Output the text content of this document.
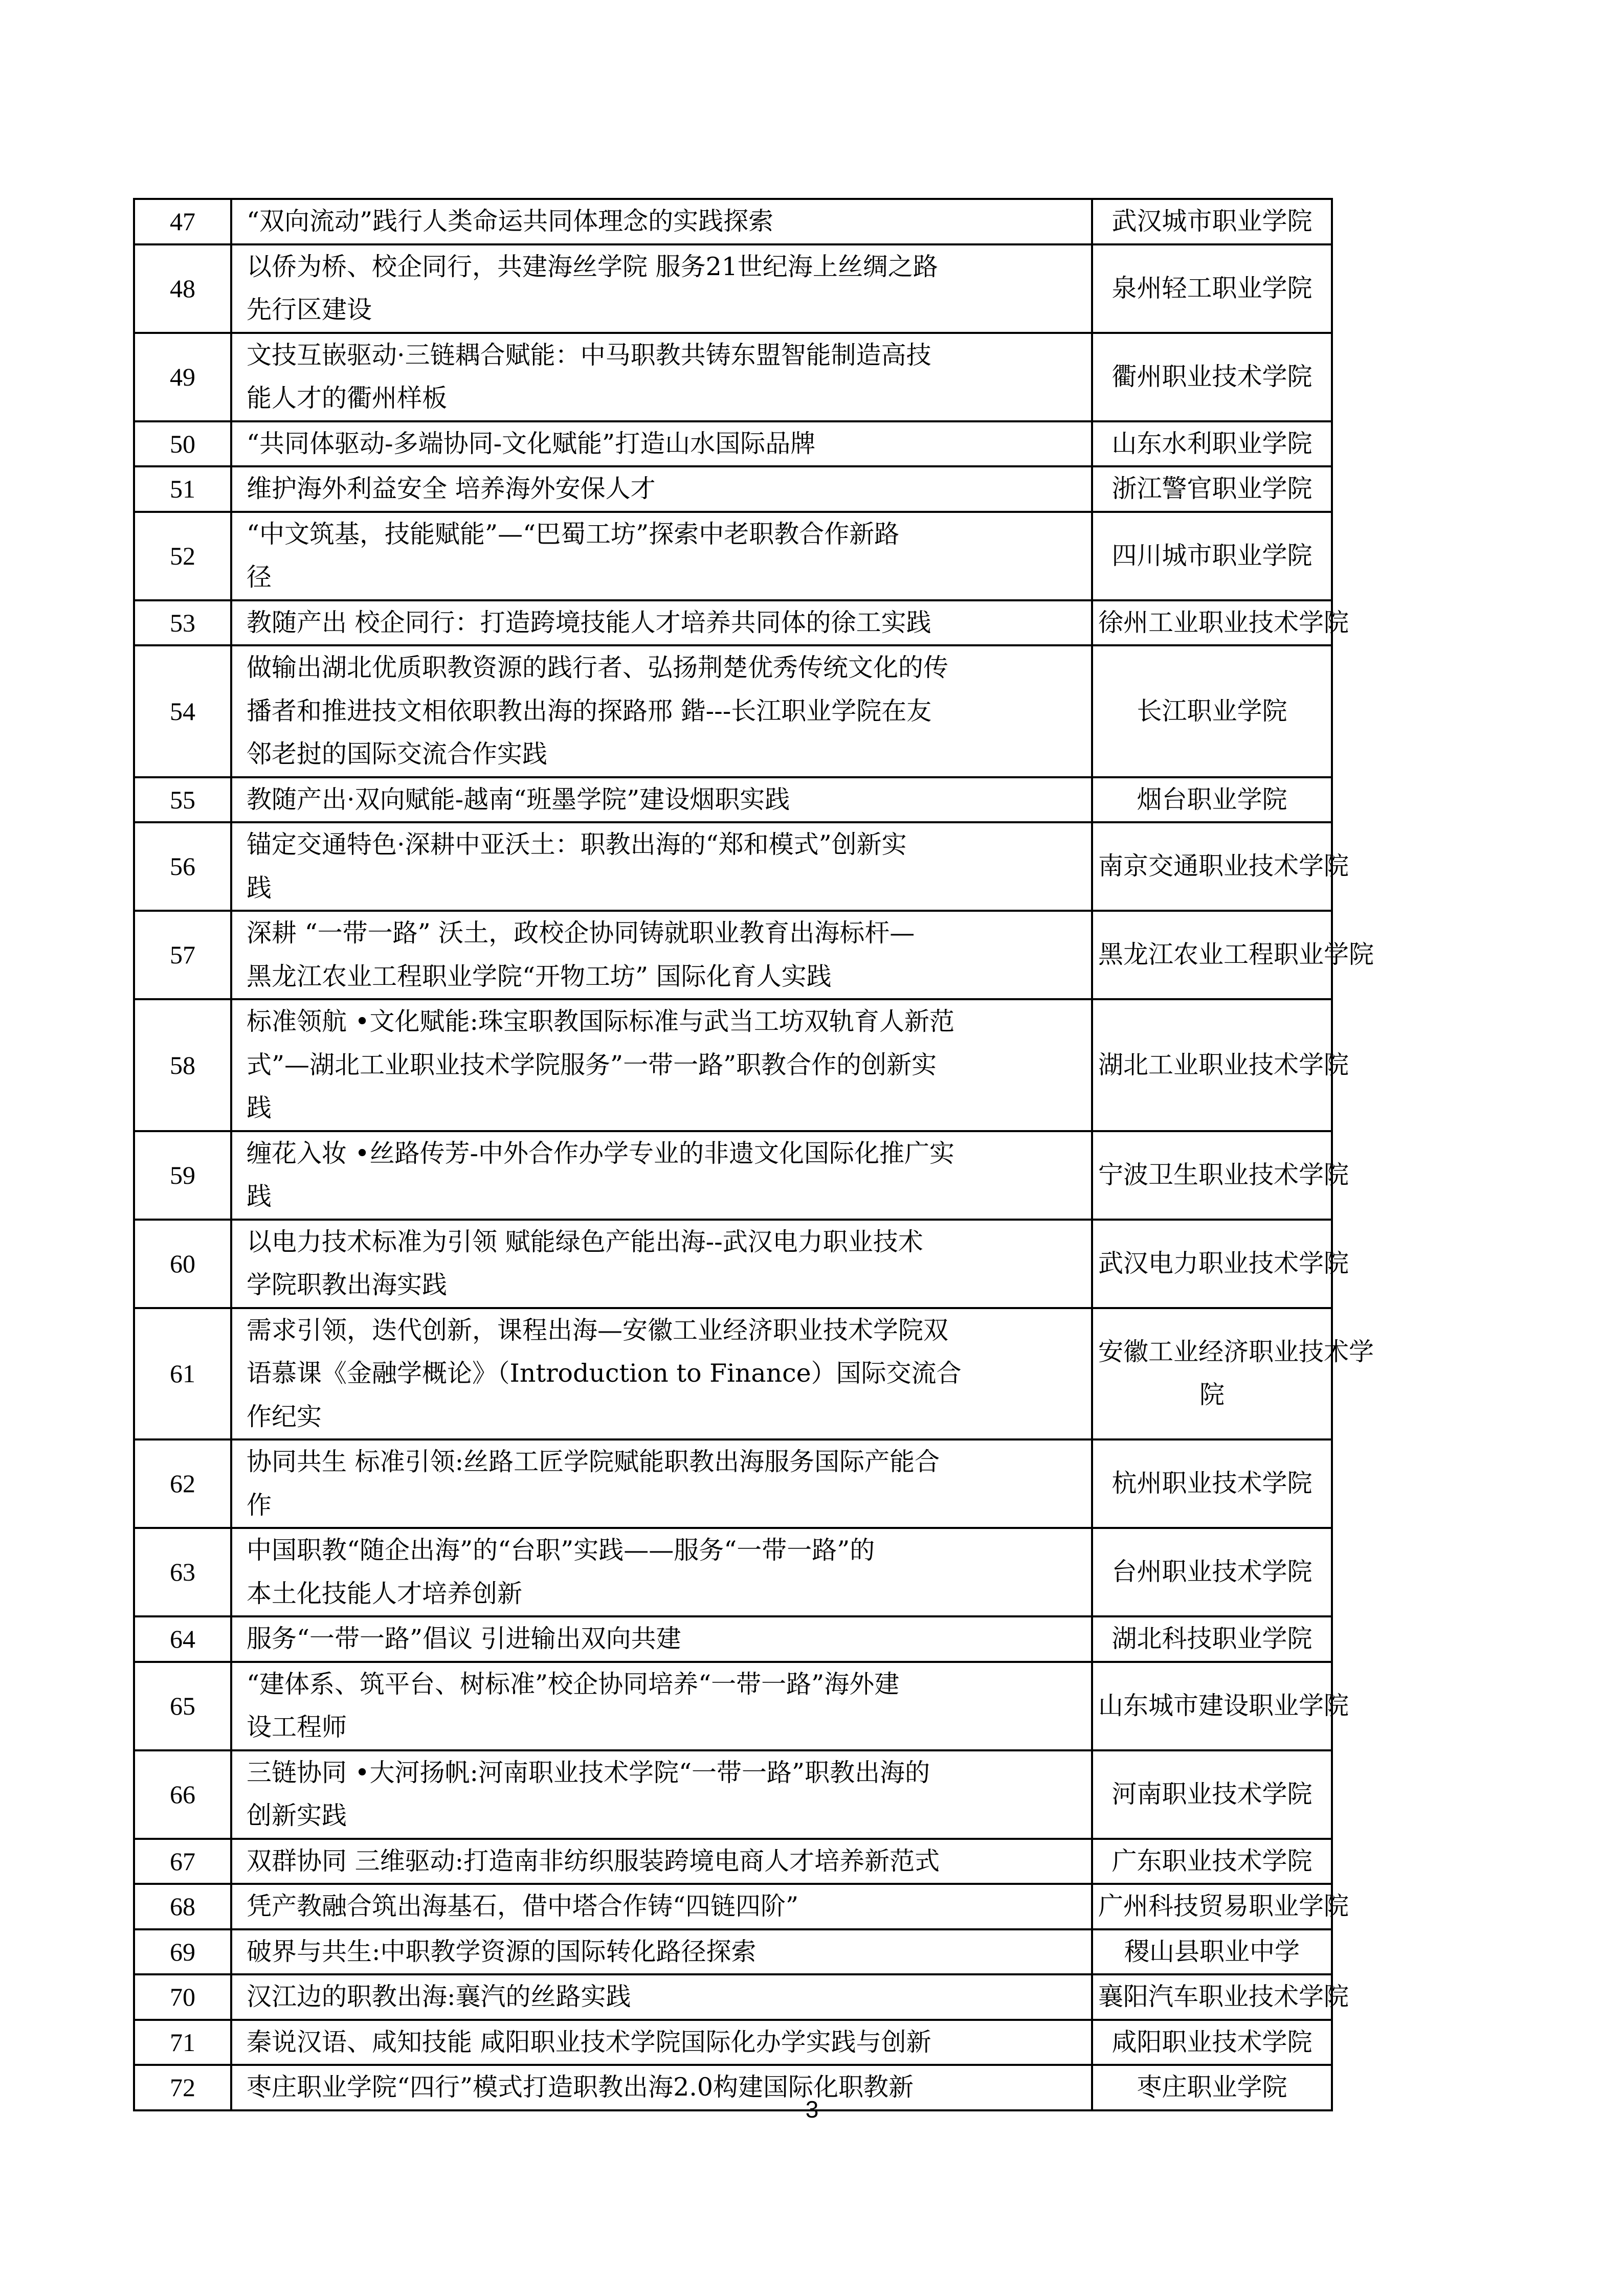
47	“双向流动”践行人类命运共同体理念的实践探索	武汉城市职业学院

48	以侨为桥、校企同行，共建海丝学院 服务21世纪海上丝绸之路
先行区建设	泉州轻工职业学院

49	文技互嵌驱动·三链耦合赋能：中马职教共铸东盟智能制造高技
能人才的衢州样板	衢州职业技术学院

50	“共同体驱动-多端协同-文化赋能”打造山水国际品牌	山东水利职业学院

51	维护海外利益安全 培养海外安保人才	浙江警官职业学院

52	“中文筑基，技能赋能”—“巴蜀工坊”探索中老职教合作新路
径	四川城市职业学院

53	教随产出 校企同行：打造跨境技能人才培养共同体的徐工实践	徐州工业职业技术学院

54	做输出湖北优质职教资源的践行者、弘扬荆楚优秀传统文化的传
播者和推进技文相依职教出海的探路邢 鍇---长江职业学院在友
邻老挝的国际交流合作实践	长江职业学院

55	教随产出·双向赋能-越南“班墨学院”建设烟职实践	烟台职业学院

56	锚定交通特色·深耕中亚沃土：职教出海的“郑和模式”创新实
践	南京交通职业技术学院

57	深耕 “一带一路” 沃土，政校企协同铸就职业教育出海标杆—
黑龙江农业工程职业学院“开物工坊” 国际化育人实践	黑龙江农业工程职业学院

58	标准领航 •文化赋能:珠宝职教国际标准与武当工坊双轨育人新范
式”—湖北工业职业技术学院服务”一带一路”职教合作的创新实
践	湖北工业职业技术学院

59	缠花入妆 •丝路传芳-中外合作办学专业的非遗文化国际化推广实
践	宁波卫生职业技术学院

60	以电力技术标准为引领 赋能绿色产能出海--武汉电力职业技术
学院职教出海实践	武汉电力职业技术学院

61	需求引领，迭代创新，课程出海—安徽工业经济职业技术学院双
语慕课《金融学概论》（Introduction to Finance）国际交流合
作纪实	安徽工业经济职业技术学
院

62	协同共生 标准引领:丝路工匠学院赋能职教出海服务国际产能合
作	杭州职业技术学院

63	中国职教“随企出海”的“台职”实践——服务“一带一路”的
本土化技能人才培养创新	台州职业技术学院

64	服务“一带一路”倡议 引进输出双向共建	湖北科技职业学院

65	“建体系、筑平台、树标准”校企协同培养“一带一路”海外建
设工程师	山东城市建设职业学院

66	三链协同 •大河扬帆:河南职业技术学院“一带一路”职教出海的
创新实践	河南职业技术学院

67	双群协同 三维驱动:打造南非纺织服装跨境电商人才培养新范式	广东职业技术学院

68	凭产教融合筑出海基石，借中塔合作铸“四链四阶”	广州科技贸易职业学院

69	破界与共生:中职教学资源的国际转化路径探索	稷山县职业中学

70	汉江边的职教出海:襄汽的丝路实践	襄阳汽车职业技术学院

71	秦说汉语、咸知技能 咸阳职业技术学院国际化办学实践与创新	咸阳职业技术学院

72	枣庄职业学院“四行”模式打造职教出海2.0构建国际化职教新	枣庄职业学院
3
